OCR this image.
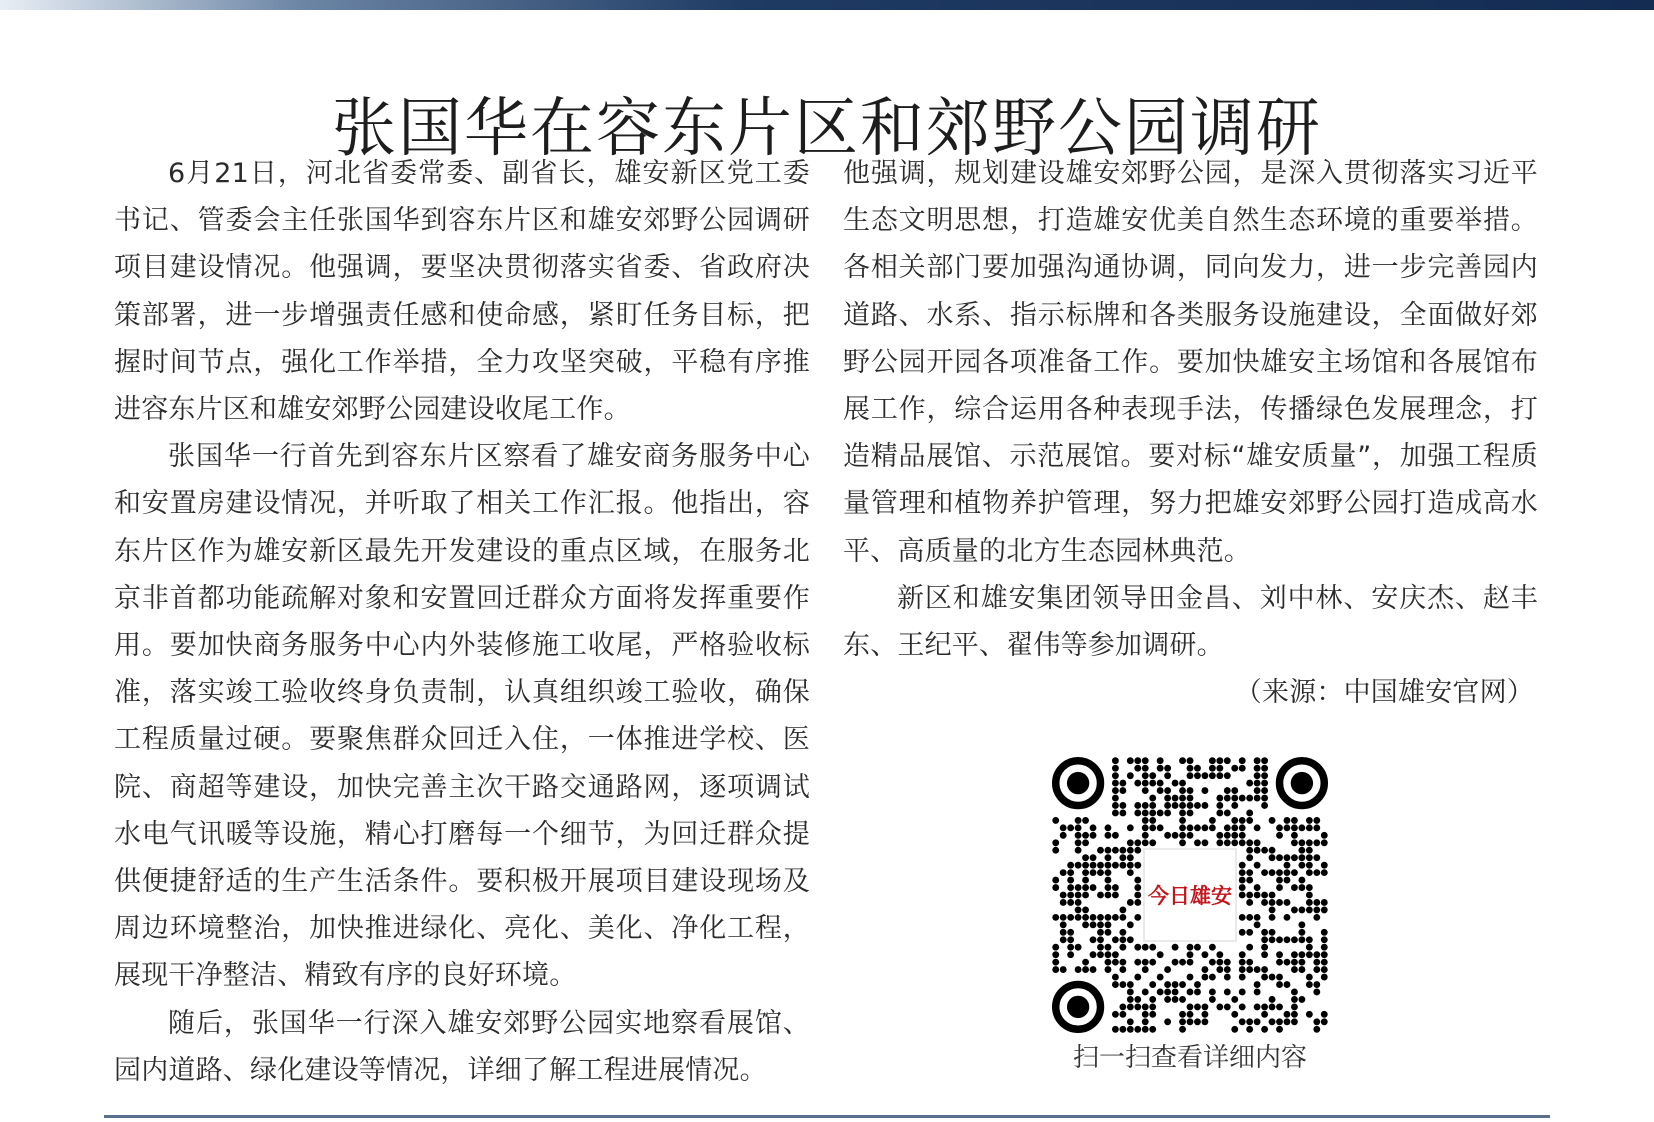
张国华在容东片区和郊野公园调研

6月21日，河北省委常委、副省长，雄安新区党工委书记、管委会主任张国华到容东片区和雄安郊野公园调研项目建设情况。他强调，要坚决贯彻落实省委、省政府决策部署，进一步增强责任感和使命感，紧盯任务目标，把握时间节点，强化工作举措，全力攻坚突破，平稳有序推进容东片区和雄安郊野公园建设收尾工作。

张国华一行首先到容东片区察看了雄安商务服务中心和安置房建设情况，并听取了相关工作汇报。他指出，容东片区作为雄安新区最先开发建设的重点区域，在服务北京非首都功能疏解对象和安置回迁群众方面将发挥重要作用。要加快商务服务中心内外装修施工收尾，严格验收标准，落实竣工验收终身负责制，认真组织竣工验收，确保工程质量过硬。要聚焦群众回迁入住，一体推进学校、医院、商超等建设，加快完善主次干路交通路网，逐项调试水电气讯暖等设施，精心打磨每一个细节，为回迁群众提供便捷舒适的生产生活条件。要积极开展项目建设现场及周边环境整治，加快推进绿化、亮化、美化、净化工程，展现干净整洁、精致有序的良好环境。

随后，张国华一行深入雄安郊野公园实地察看展馆、园内道路、绿化建设等情况，详细了解工程进展情况。

他强调，规划建设雄安郊野公园，是深入贯彻落实习近平生态文明思想，打造雄安优美自然生态环境的重要举措。各相关部门要加强沟通协调，同向发力，进一步完善园内道路、水系、指示标牌和各类服务设施建设，全面做好郊野公园开园各项准备工作。要加快雄安主场馆和各展馆布展工作，综合运用各种表现手法，传播绿色发展理念，打造精品展馆、示范展馆。要对标“雄安质量”，加强工程质量管理和植物养护管理，努力把雄安郊野公园打造成高水平、高质量的北方生态园林典范。

新区和雄安集团领导田金昌、刘中林、安庆杰、赵丰东、王纪平、翟伟等参加调研。

（来源：中国雄安官网）

今日雄安
扫一扫查看详细内容
